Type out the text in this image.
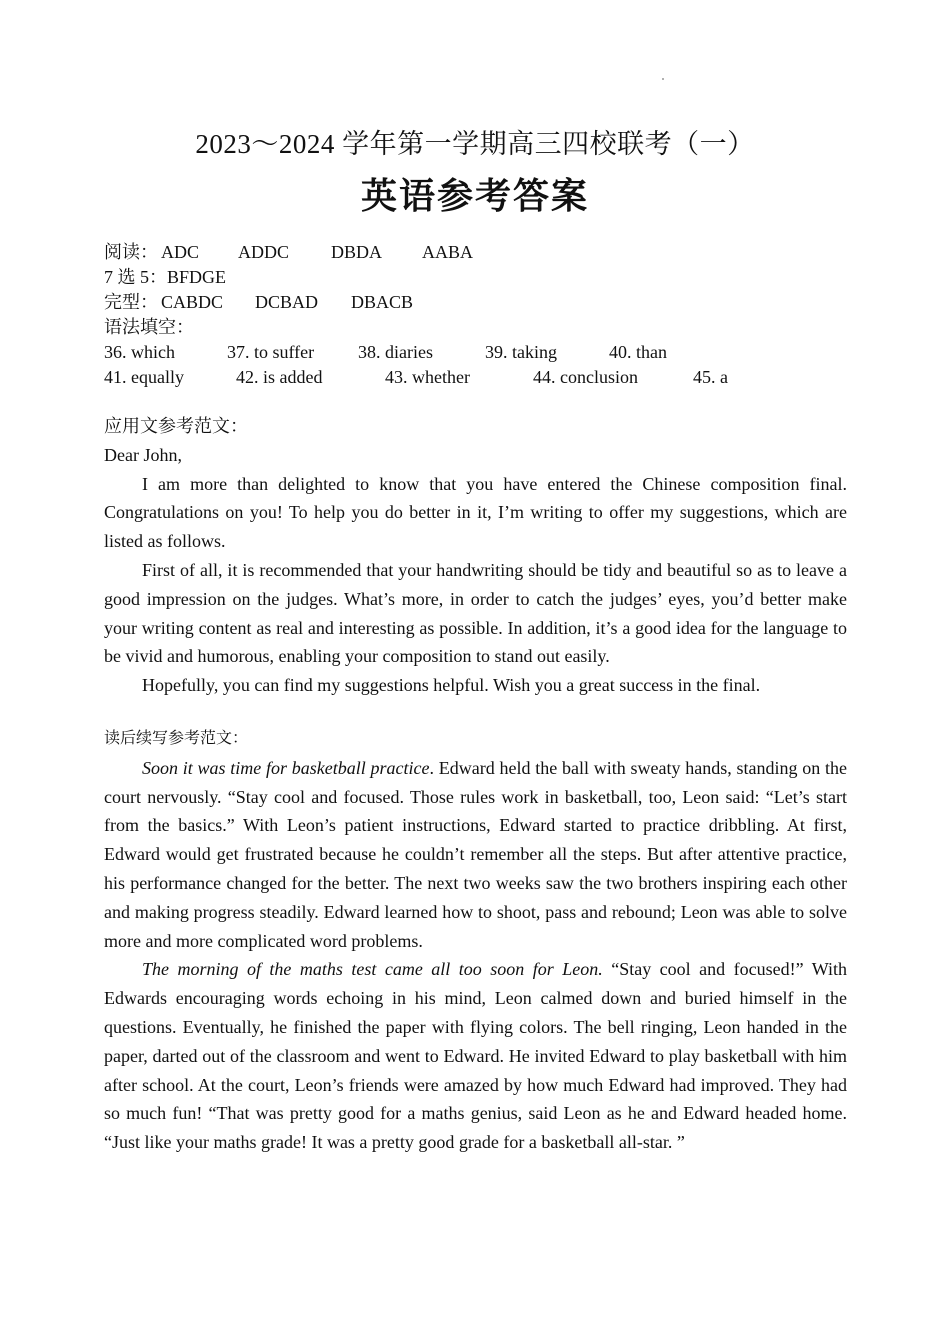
2023～2024 学年第一学期高三四校联考（一）
英语参考答案
阅读： ADC ADDC DBDA AABA
7 选 5：BFDGE
完型： CABDC DCBAD DBACB
语法填空：
36. which	37. to suffer 38. diaries	39. taking	40. than
41. equally	42. is added	43. whether	44. conclusion	45. a

应用文参考范文：

Dear John,

I am more than delighted to know that you have entered the Chinese composition final. Congratulations on you! To help you do better in it, I’m writing to offer my suggestions, which are listed as follows.

First of all, it is recommended that your handwriting should be tidy and beautiful so as to leave a good impression on the judges. What’s more, in order to catch the judges’ eyes, you’d better make your writing content as real and interesting as possible. In addition, it’s a good idea for the language to be vivid and humorous, enabling your composition to stand out easily.

Hopefully, you can find my suggestions helpful. Wish you a great success in the final.

读后续写参考范文：

Soon it was time for basketball practice. Edward held the ball with sweaty hands, standing on the court nervously. “Stay cool and focused. Those rules work in basketball, too, Leon said: “Let’s start from the basics.” With Leon’s patient instructions, Edward started to practice dribbling. At first, Edward would get frustrated because he couldn’t remember all the steps. But after attentive practice, his performance changed for the better. The next two weeks saw the two brothers inspiring each other and making progress steadily. Edward learned how to shoot, pass and rebound; Leon was able to solve more and more complicated word problems.

The morning of the maths test came all too soon for Leon. “Stay cool and focused!” With Edwards encouraging words echoing in his mind, Leon calmed down and buried himself in the questions. Eventually, he finished the paper with flying colors. The bell ringing, Leon handed in the paper, darted out of the classroom and went to Edward. He invited Edward to play basketball with him after school. At the court, Leon’s friends were amazed by how much Edward had improved. They had so much fun! “That was pretty good for a maths genius, said Leon as he and Edward headed home. “Just like your maths grade! It was a pretty good grade for a basketball all-star. ”
